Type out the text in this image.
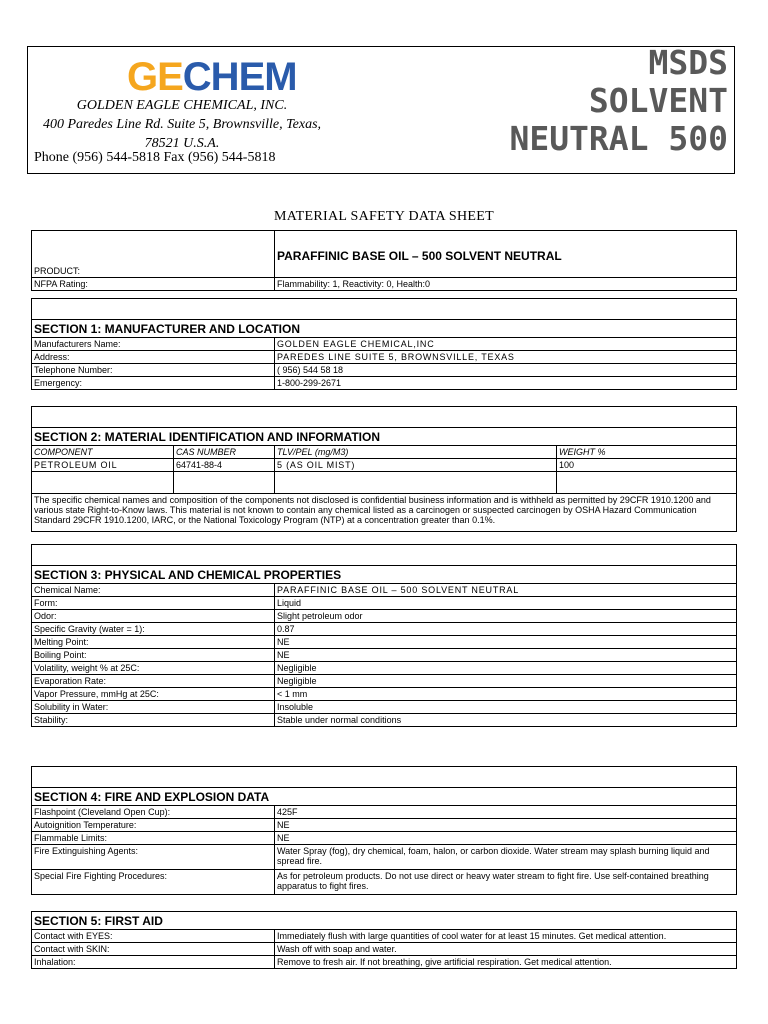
GE CHEM
GOLDEN EAGLE CHEMICAL, INC.
400 Paredes Line Rd. Suite 5, Brownsville, Texas,
78521 U.S.A.
Phone (956) 544-5818 Fax (956) 544-5818
MSDS
SOLVENT
NEUTRAL 500
MATERIAL SAFETY DATA SHEET
PRODUCT:	PARAFFINIC BASE OIL – 500 SOLVENT NEUTRAL
NFPA Rating:	Flammability: 1, Reactivity: 0, Health:0

SECTION 1: MANUFACTURER AND LOCATION	
Manufacturers Name:	GOLDEN EAGLE CHEMICAL,INC
Address:	PAREDES LINE SUITE 5, BROWNSVILLE, TEXAS
Telephone Number:	( 956) 544 58 18
Emergency:	1-800-299-2671

SECTION 2: MATERIAL IDENTIFICATION AND INFORMATION			
COMPONENT	CAS NUMBER	TLV/PEL (mg/M3)	WEIGHT %
PETROLEUM OIL	64741-88-4	5 (AS OIL MIST)	100

The specific chemical names and composition of the components not disclosed is confidential business information and is withheld as permitted by 29CFR 1910.1200 and various state Right-to-Know laws. This material is not known to contain any chemical listed as a carcinogen or suspected carcinogen by OSHA Hazard Communication Standard 29CFR 1910.1200, IARC, or the National Toxicology Program (NTP) at a concentration greater than 0.1%.			

SECTION 3: PHYSICAL AND CHEMICAL PROPERTIES	
Chemical Name:	PARAFFINIC BASE OIL – 500 SOLVENT NEUTRAL
Form:	Liquid
Odor:	Slight petroleum odor
Specific Gravity (water = 1):	0.87
Melting Point:	NE
Boiling Point:	NE
Volatility, weight % at 25C:	Negligible
Evaporation Rate:	Negligible
Vapor Pressure, mmHg at 25C:	< 1 mm
Solubility in Water:	Insoluble
Stability:	Stable under normal conditions

SECTION 4: FIRE AND EXPLOSION DATA	
Flashpoint (Cleveland Open Cup):	425F
Autoignition Temperature:	NE
Flammable Limits:	NE
Fire Extinguishing Agents:	Water Spray (fog), dry chemical, foam, halon, or carbon dioxide. Water stream may splash burning liquid and spread fire.
Special Fire Fighting Procedures:	As for petroleum products. Do not use direct or heavy water stream to fight fire. Use self-contained breathing apparatus to fight fires.
SECTION 5: FIRST AID	
Contact with EYES:	Immediately flush with large quantities of cool water for at least 15 minutes. Get medical attention.
Contact with SKIN:	Wash off with soap and water.
Inhalation:	Remove to fresh air. If not breathing, give artificial respiration. Get medical attention.
